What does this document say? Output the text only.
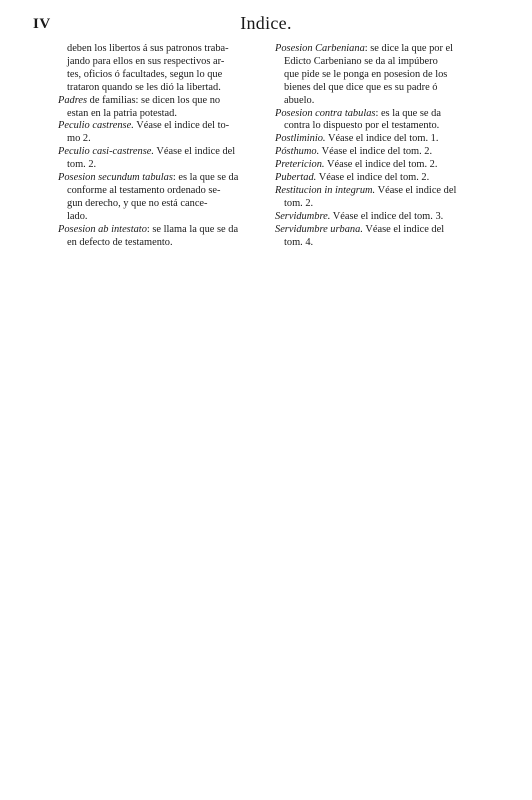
IV	Indice.

deben los libertos á sus patronos traba-
jando para ellos en sus respectivos ar-
tes, oficios ó facultades, segun lo que
trataron quando se les dió la libertad.

Padres de familias: se dicen los que no
estan en la patria potestad.

Peculio castrense. Véase el indice del to-
mo 2.

Peculio casi-castrense. Véase el indice del
tom. 2.

Posesion secundum tabulas: es la que se da
conforme al testamento ordenado se-
gun derecho, y que no está cance-
lado.

Posesion ab intestato: se llama la que se da
en defecto de testamento.

Posesion Carbeniana: se dice la que por el
Edicto Carbeniano se da al impúbero
que pide se le ponga en posesion de los
bienes del que dice que es su padre ó
abuelo.

Posesion contra tabulas: es la que se da
contra lo dispuesto por el testamento.

Postliminio. Véase el indice del tom. 1.

Pósthumo. Véase el indice del tom. 2.

Pretericion. Véase el indice del tom. 2.

Pubertad. Véase el indice del tom. 2.

Restitucion in integrum. Véase el indice del
tom. 2.

Servidumbre. Véase el indice del tom. 3.

Servidumbre urbana. Véase el indice del
tom. 4.
